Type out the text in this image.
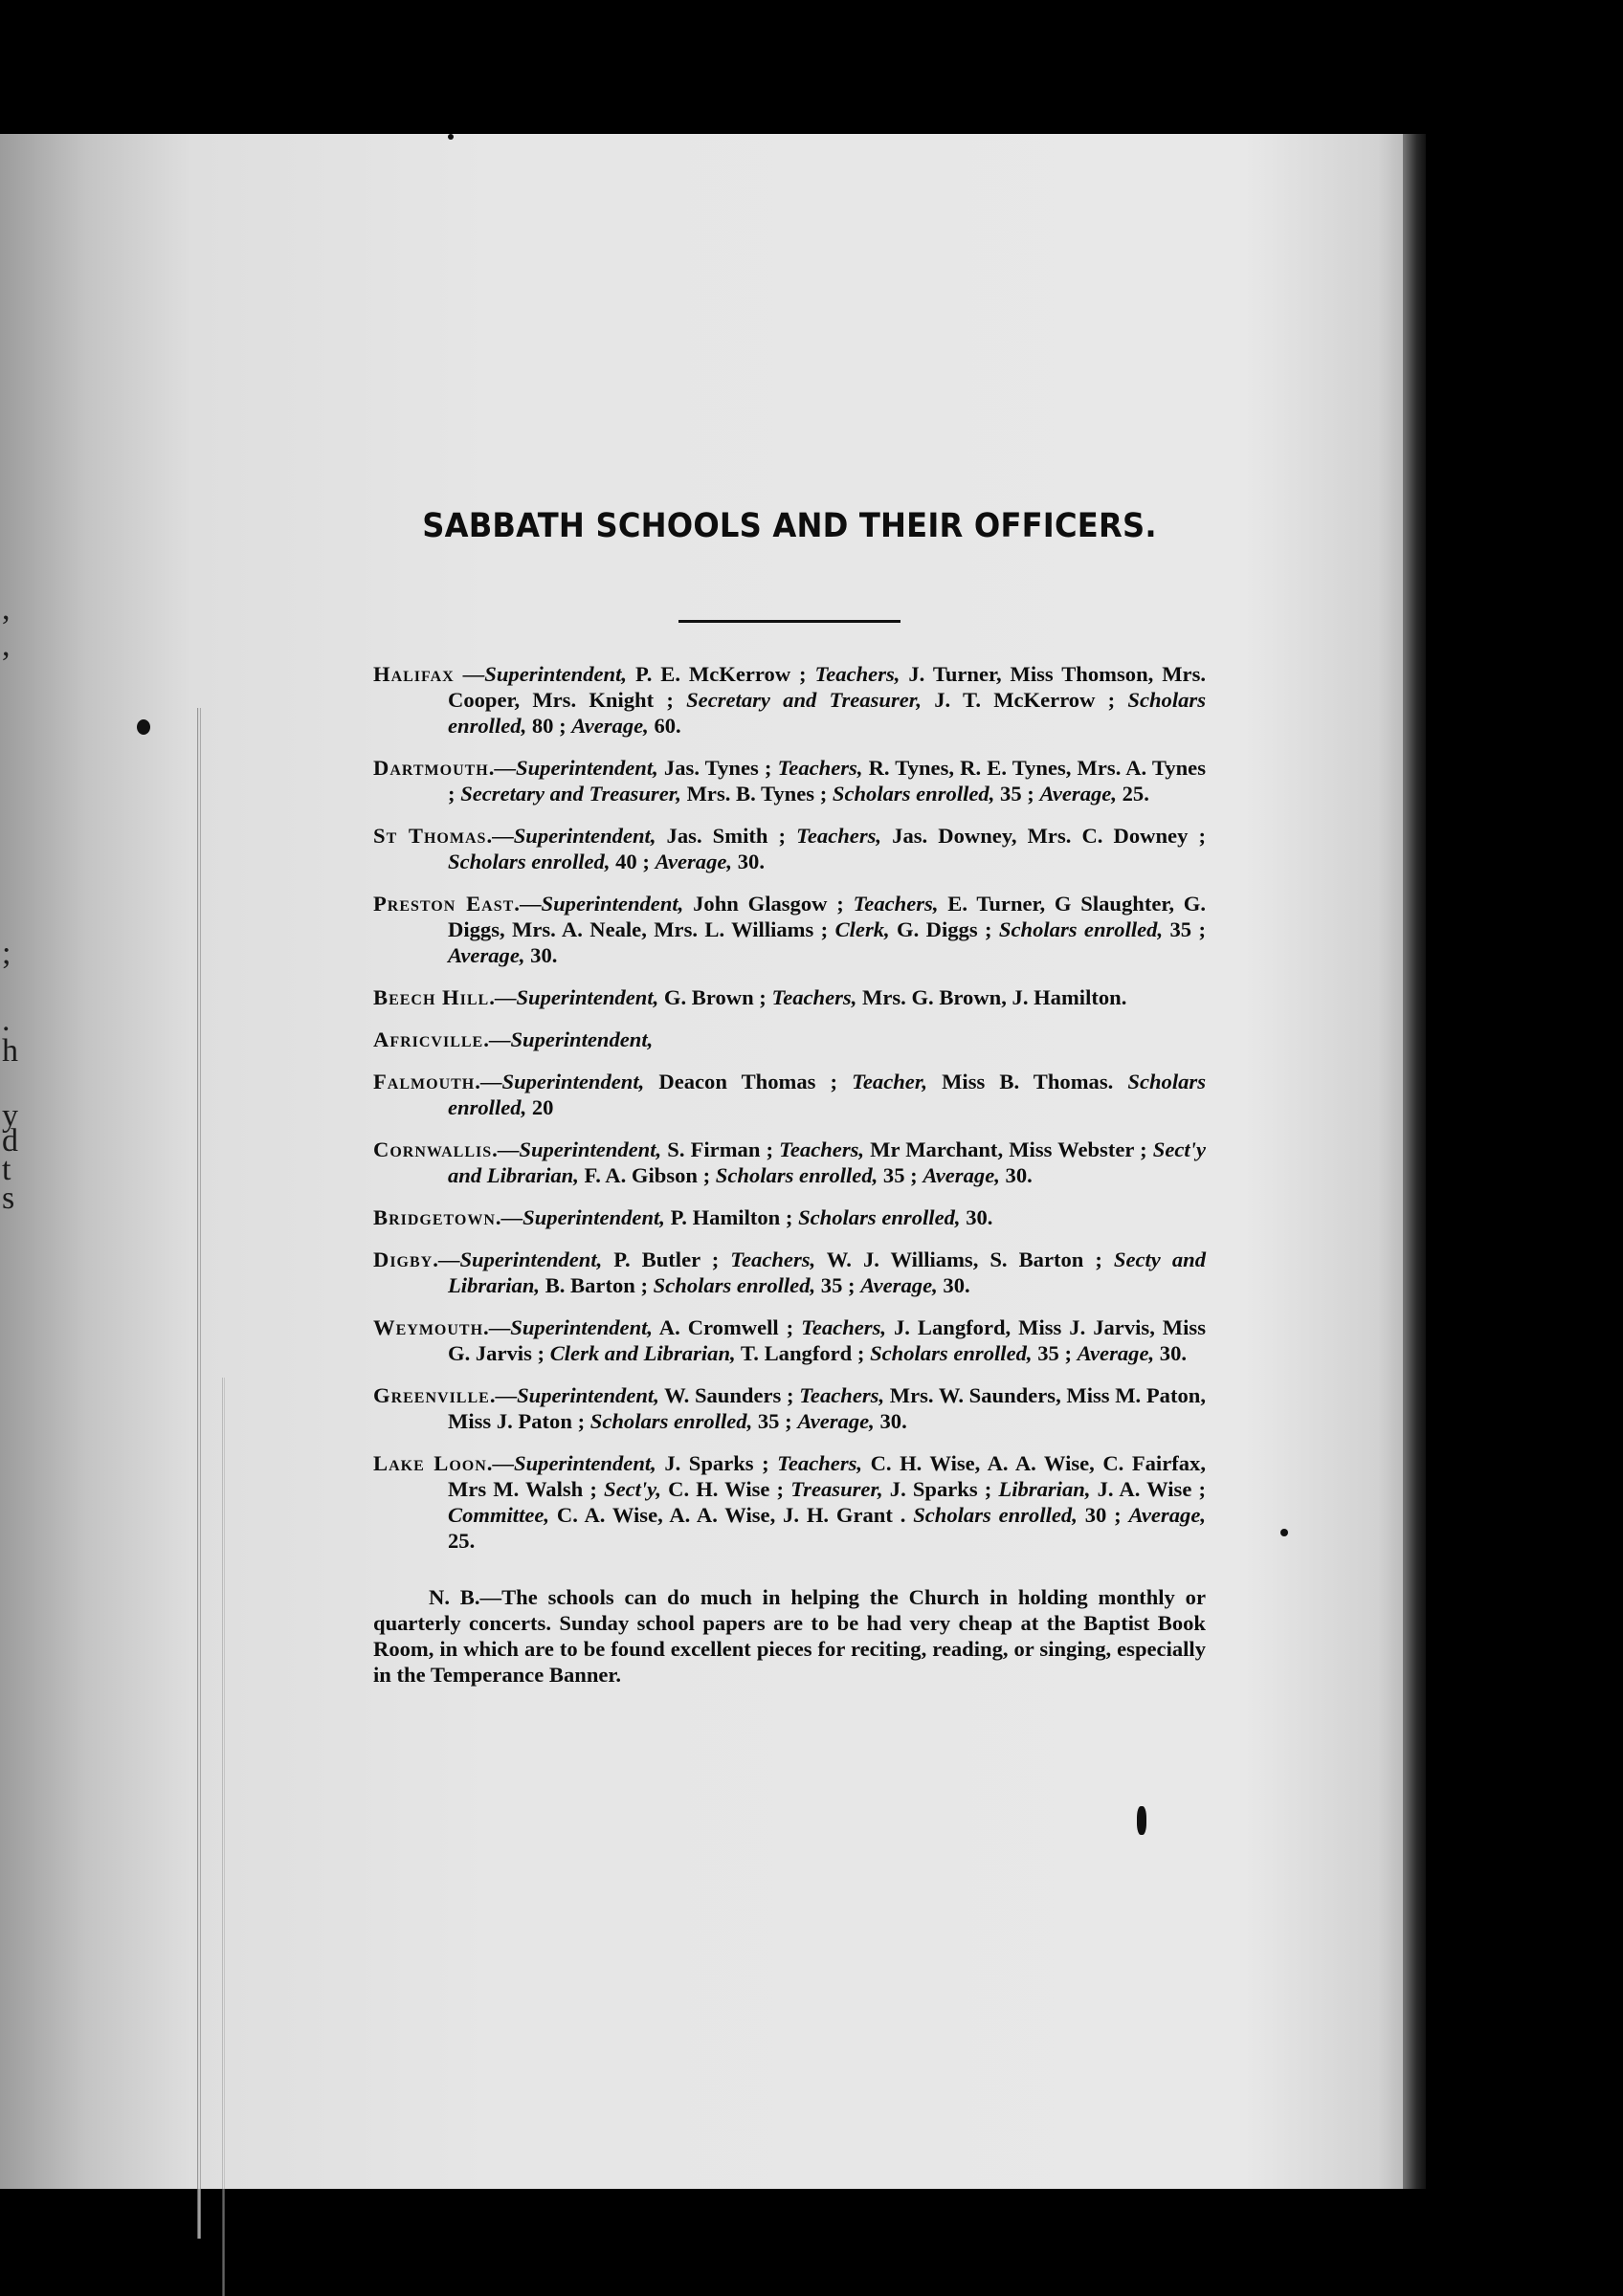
,
,
;
.
h
y
d
t
s
SABBATH SCHOOLS AND THEIR OFFICERS.

Halifax —Superintendent, P. E. McKerrow ; Teachers, J. Turner, Miss Thomson, Mrs. Cooper, Mrs. Knight ; Secretary and Treasurer, J. T. McKerrow ; Scholars enrolled, 80 ; Average, 60.

Dartmouth.—Superintendent, Jas. Tynes ; Teachers, R. Tynes, R. E. Tynes, Mrs. A. Tynes ; Secretary and Treasurer, Mrs. B. Tynes ; Scholars enrolled, 35 ; Average, 25.

St Thomas.—Superintendent, Jas. Smith ; Teachers, Jas. Downey, Mrs. C. Downey ; Scholars enrolled, 40 ; Average, 30.

Preston East.—Superintendent, John Glasgow ; Teachers, E. Turner, G Slaughter, G. Diggs, Mrs. A. Neale, Mrs. L. Williams ; Clerk, G. Diggs ; Scholars enrolled, 35 ; Average, 30.

Beech Hill.—Superintendent, G. Brown ; Teachers, Mrs. G. Brown, J. Hamilton.

Africville.—Superintendent,

Falmouth.—Superintendent, Deacon Thomas ; Teacher, Miss B. Thomas. Scholars enrolled, 20

Cornwallis.—Superintendent, S. Firman ; Teachers, Mr Marchant, Miss Webster ; Sect'y and Librarian, F. A. Gibson ; Scholars enrolled, 35 ; Average, 30.

Bridgetown.—Superintendent, P. Hamilton ; Scholars enrolled, 30.

Digby.—Superintendent, P. Butler ; Teachers, W. J. Williams, S. Barton ; Secty and Librarian, B. Barton ; Scholars enrolled, 35 ; Average, 30.

Weymouth.—Superintendent, A. Cromwell ; Teachers, J. Langford, Miss J. Jarvis, Miss G. Jarvis ; Clerk and Librarian, T. Langford ; Scholars enrolled, 35 ; Average, 30.

Greenville.—Superintendent, W. Saunders ; Teachers, Mrs. W. Saunders, Miss M. Paton, Miss J. Paton ; Scholars enrolled, 35 ; Average, 30.

Lake Loon.—Superintendent, J. Sparks ; Teachers, C. H. Wise, A. A. Wise, C. Fairfax, Mrs M. Walsh ; Sect'y, C. H. Wise ; Treasurer, J. Sparks ; Librarian, J. A. Wise ; Committee, C. A. Wise, A. A. Wise, J. H. Grant . Scholars enrolled, 30 ; Average, 25.

N. B.—The schools can do much in helping the Church in holding monthly or quarterly concerts. Sunday school papers are to be had very cheap at the Baptist Book Room, in which are to be found excellent pieces for reciting, reading, or singing, especially in the Temperance Banner.
